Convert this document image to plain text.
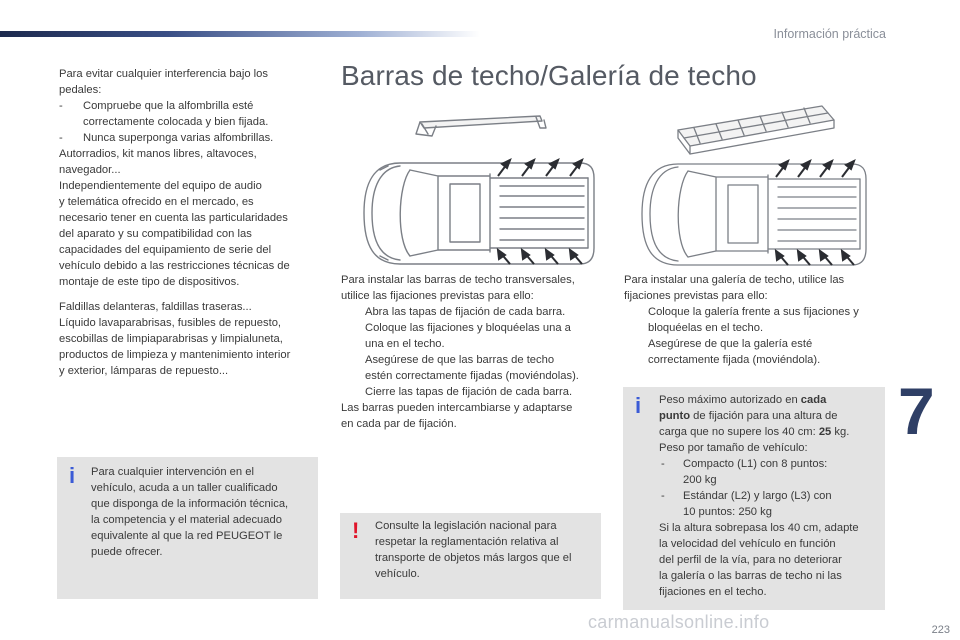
Información práctica
7
223
carmanualsonline.info

Para evitar cualquier interferencia bajo los

pedales:

- Compruebe que la alfombrilla esté

correctamente colocada y bien fijada.

- Nunca superponga varias alfombrillas.

Autorradios, kit manos libres, altavoces,

navegador...

Independientemente del equipo de audio

y telemática ofrecido en el mercado, es

necesario tener en cuenta las particularidades

del aparato y su compatibilidad con las

capacidades del equipamiento de serie del

vehículo debido a las restricciones técnicas de

montaje de este tipo de dispositivos.

Faldillas delanteras, faldillas traseras...

Líquido lavaparabrisas, fusibles de repuesto,

escobillas de limpiaparabrisas y limpialuneta,

productos de limpieza y mantenimiento interior

y exterior, lámparas de repuesto...

i Para cualquier intervención en el

vehículo, acuda a un taller cualificado

que disponga de la información técnica,

la competencia y el material adecuado

equivalente al que la red PEUGEOT le

puede ofrecer.

Barras de techo/Galería de techo

Para instalar las barras de techo transversales,

utilice las fijaciones previstas para ello:

Abra las tapas de fijación de cada barra.

Coloque las fijaciones y bloquéelas una a

una en el techo.

Asegúrese de que las barras de techo

estén correctamente fijadas (moviéndolas).

Cierre las tapas de fijación de cada barra.

Las barras pueden intercambiarse y adaptarse

en cada par de fijación.

! Consulte la legislación nacional para

respetar la reglamentación relativa al

transporte de objetos más largos que el

vehículo.

Para instalar una galería de techo, utilice las

fijaciones previstas para ello:

Coloque la galería frente a sus fijaciones y

bloquéelas en el techo.

Asegúrese de que la galería esté

correctamente fijada (moviéndola).

i Peso máximo autorizado en cada

punto de fijación para una altura de

carga que no supere los 40 cm: 25 kg.

Peso por tamaño de vehículo:

- Compacto (L1) con 8 puntos:

200 kg

- Estándar (L2) y largo (L3) con

10 puntos: 250 kg

Si la altura sobrepasa los 40 cm, adapte

la velocidad del vehículo en función

del perfil de la vía, para no deteriorar

la galería o las barras de techo ni las

fijaciones en el techo.
